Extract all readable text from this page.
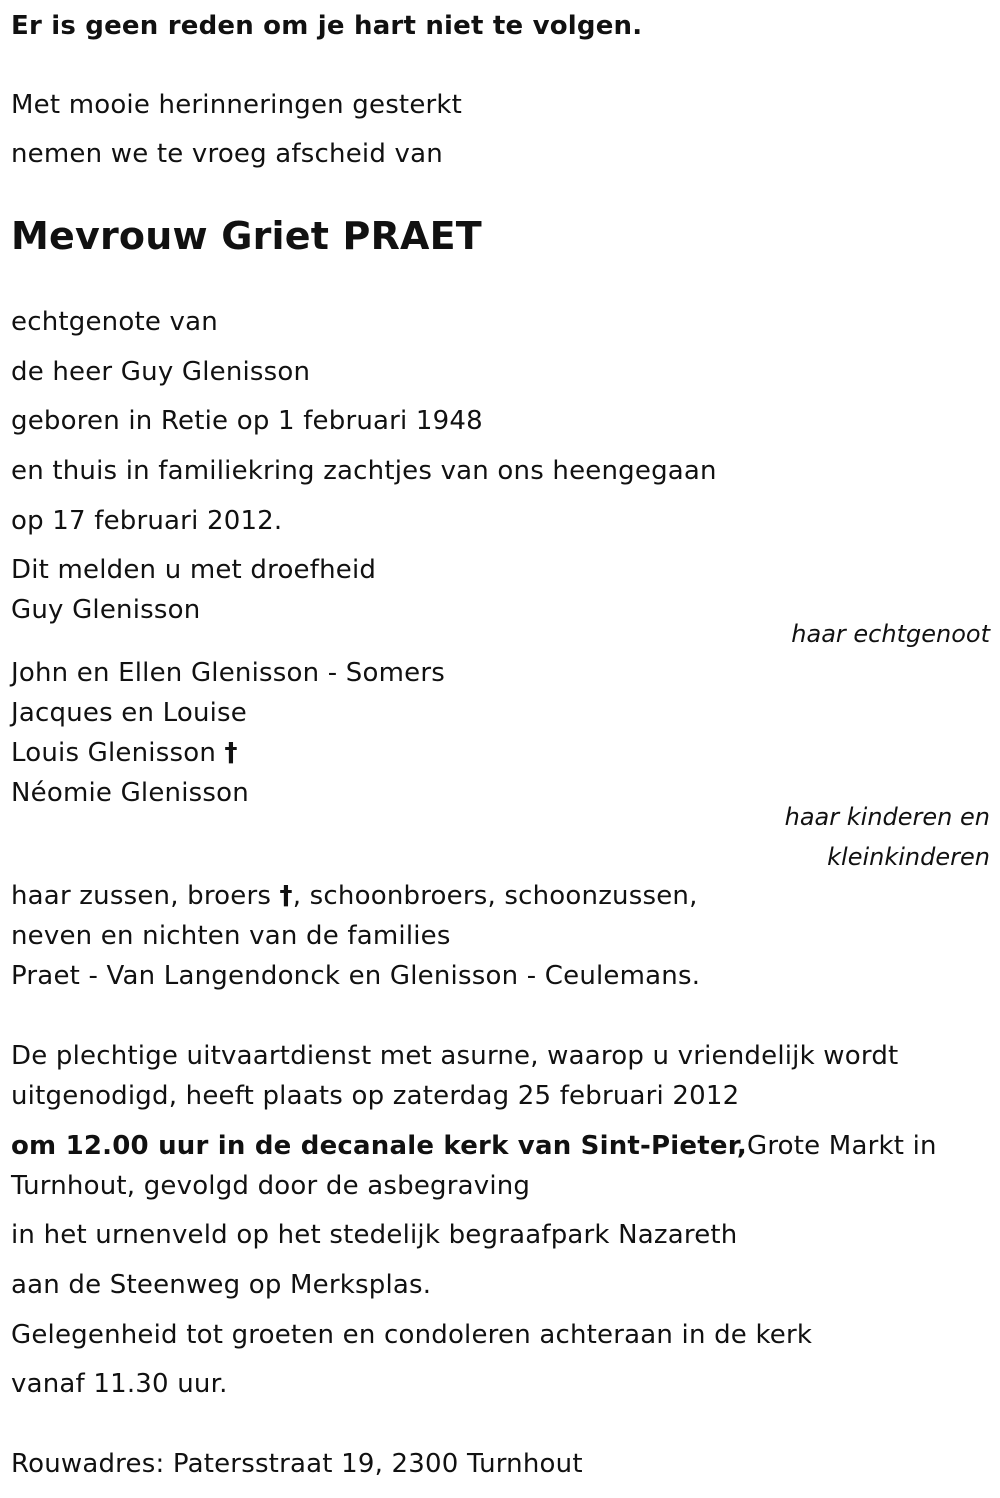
Er is geen reden om je hart niet te volgen.
Met mooie herinneringen gesterkt
nemen we te vroeg afscheid van
Mevrouw Griet PRAET
echtgenote van
de heer Guy Glenisson
geboren in Retie op 1 februari 1948
en thuis in familiekring zachtjes van ons heengegaan
op 17 februari 2012.
Dit melden u met droefheid
Guy Glenisson
haar echtgenoot
John en Ellen Glenisson - Somers
Jacques en Louise
Louis Glenisson †
Néomie Glenisson
haar kinderen en
kleinkinderen
haar zussen, broers †, schoonbroers, schoonzussen,
neven en nichten van de families
Praet - Van Langendonck en Glenisson - Ceulemans.
De plechtige uitvaartdienst met asurne, waarop u vriendelijk wordt
uitgenodigd, heeft plaats op zaterdag 25 februari 2012
om 12.00 uur in de decanale kerk van Sint-Pieter,Grote Markt in
Turnhout, gevolgd door de asbegraving
in het urnenveld op het stedelijk begraafpark Nazareth
aan de Steenweg op Merksplas.
Gelegenheid tot groeten en condoleren achteraan in de kerk
vanaf 11.30 uur.
Rouwadres: Patersstraat 19, 2300 Turnhout
